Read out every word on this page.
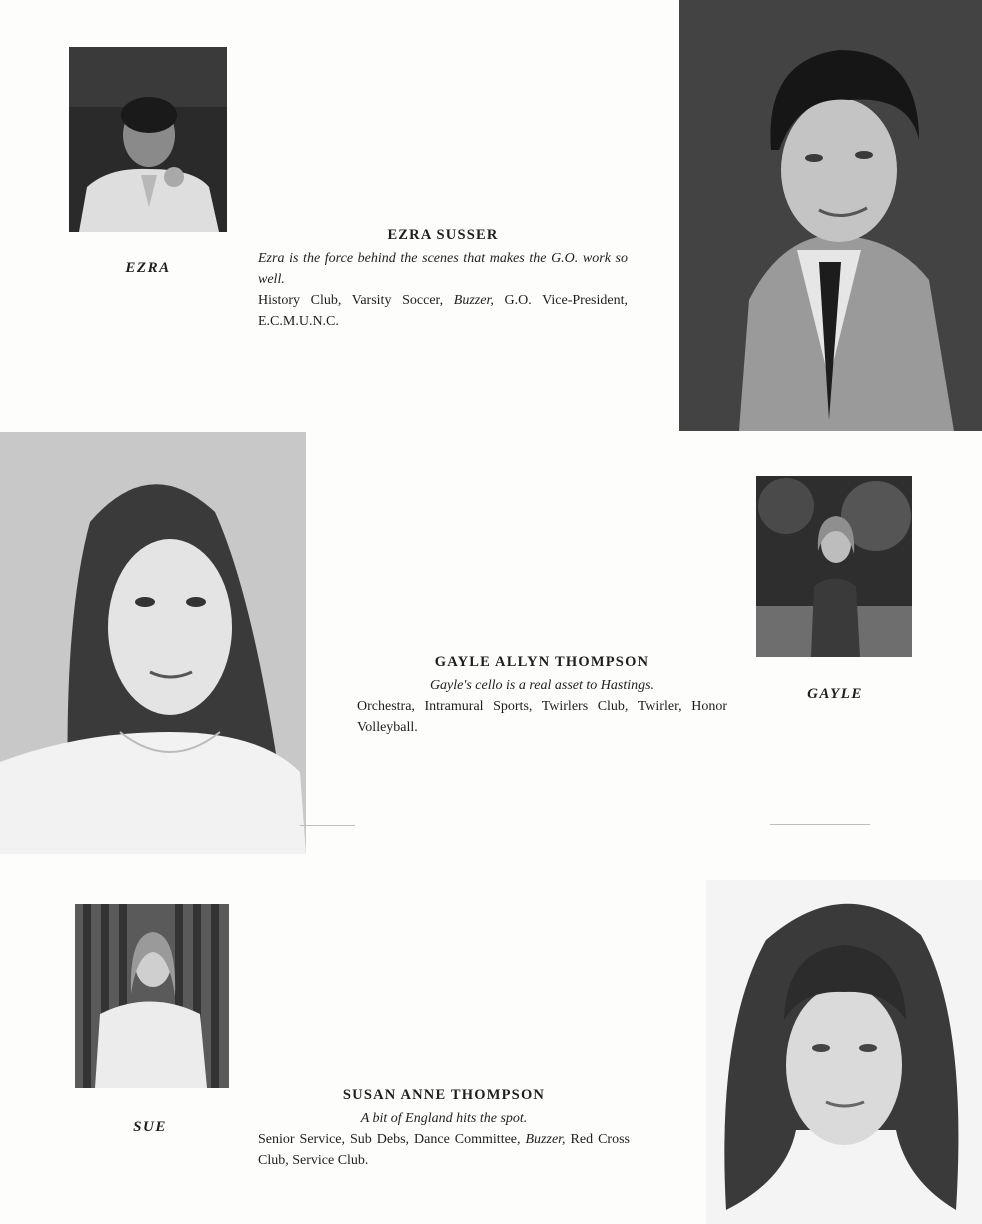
EZRA
EZRA SUSSER
Ezra is the force behind the scenes that makes the G.O. work so well.
History Club, Varsity Soccer, Buzzer, G.O. Vice-President, E.C.M.U.N.C.
GAYLE ALLYN THOMPSON
Gayle's cello is a real asset to Hastings.
Orchestra, Intramural Sports, Twirlers Club, Twirler, Honor Volleyball.
GAYLE
SUE
SUSAN ANNE THOMPSON
A bit of England hits the spot.
Senior Service, Sub Debs, Dance Committee, Buzzer, Red Cross Club, Service Club.
